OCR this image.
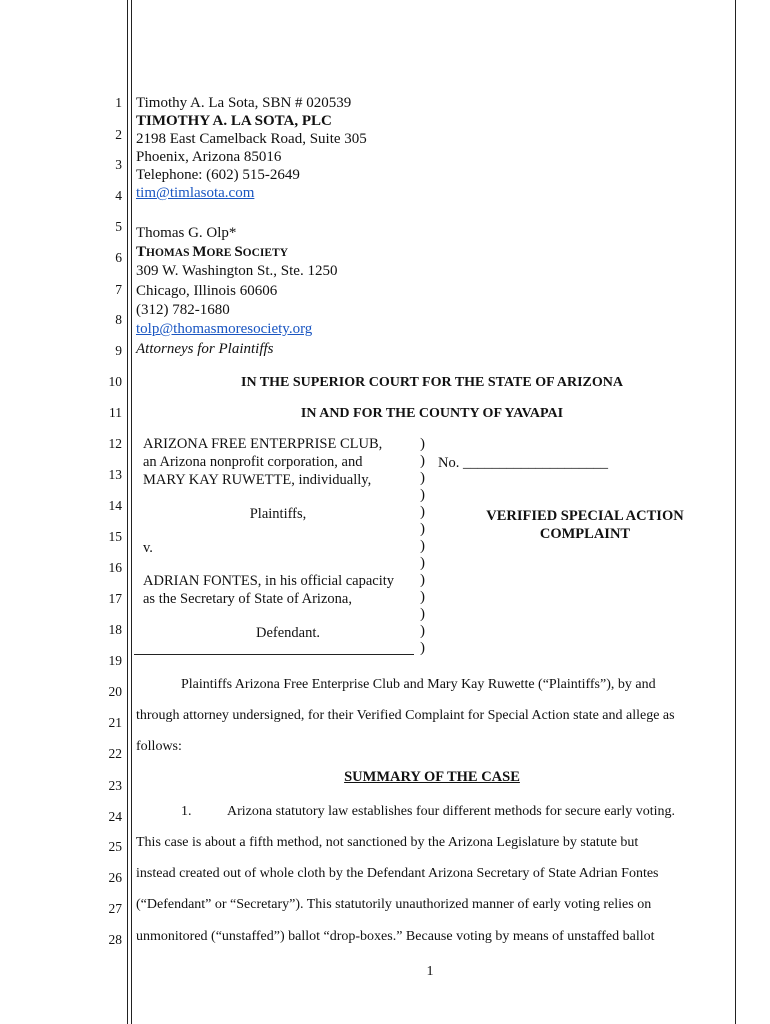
1
2
3
4
5
6
7
8
9
10
11
12
13
14
15
16
17
18
19
20
21
22
23
24
25
26
27
28
Timothy A. La Sota, SBN # 020539
TIMOTHY A. LA SOTA, PLC
2198 East Camelback Road, Suite 305
Phoenix, Arizona 85016
Telephone: (602) 515-2649
tim@timlasota.com
Thomas G. Olp*
THOMAS MORE SOCIETY
309 W. Washington St., Ste. 1250
Chicago, Illinois 60606
(312) 782-1680
tolp@thomasmoresociety.org
Attorneys for Plaintiffs
IN THE SUPERIOR COURT FOR THE STATE OF ARIZONA
IN AND FOR THE COUNTY OF YAVAPAI
ARIZONA FREE ENTERPRISE CLUB,
an Arizona nonprofit corporation, and
MARY KAY RUWETTE, individually,
Plaintiffs,
v.
ADRIAN FONTES, in his official capacity
as the Secretary of State of Arizona,
Defendant.
)
)
)
)
)
)
)
)
)
)
)
)
)
No. ____________________
VERIFIED SPECIAL ACTION
COMPLAINT
Plaintiffs Arizona Free Enterprise Club and Mary Kay Ruwette (“Plaintiffs”), by and
through attorney undersigned, for their Verified Complaint for Special Action state and allege as
follows:
SUMMARY OF THE CASE
1.	Arizona statutory law establishes four different methods for secure early voting.
This case is about a fifth method, not sanctioned by the Arizona Legislature by statute but
instead created out of whole cloth by the Defendant Arizona Secretary of State Adrian Fontes
(“Defendant” or “Secretary”). This statutorily unauthorized manner of early voting relies on
unmonitored (“unstaffed”) ballot “drop-boxes.” Because voting by means of unstaffed ballot
1
